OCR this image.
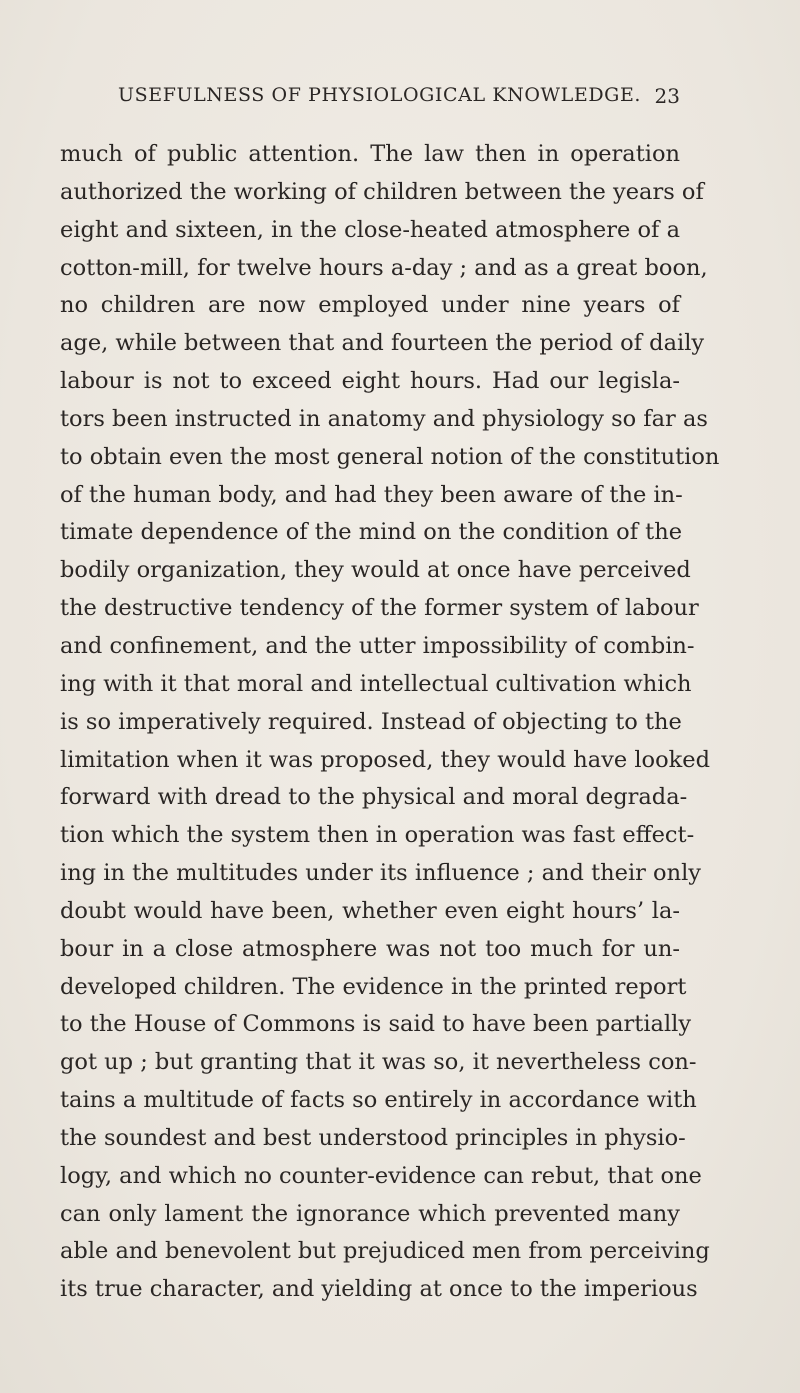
USEFULNESS OF PHYSIOLOGICAL KNOWLEDGE. 23
much of public attention. The law then in operation
authorized the working of children between the years of
eight and sixteen, in the close-heated atmosphere of a
cotton-mill, for twelve hours a-day ; and as a great boon,
no children are now employed under nine years of
age, while between that and fourteen the period of daily
labour is not to exceed eight hours. Had our legisla-
tors been instructed in anatomy and physiology so far as
to obtain even the most general notion of the constitution
of the human body, and had they been aware of the in-
timate dependence of the mind on the condition of the
bodily organization, they would at once have perceived
the destructive tendency of the former system of labour
and confinement, and the utter impossibility of combin-
ing with it that moral and intellectual cultivation which
is so imperatively required. Instead of objecting to the
limitation when it was proposed, they would have looked
forward with dread to the physical and moral degrada-
tion which the system then in operation was fast effect-
ing in the multitudes under its influence ; and their only
doubt would have been, whether even eight hours’ la-
bour in a close atmosphere was not too much for un-
developed children. The evidence in the printed report
to the House of Commons is said to have been partially
got up ; but granting that it was so, it nevertheless con-
tains a multitude of facts so entirely in accordance with
the soundest and best understood principles in physio-
logy, and which no counter-evidence can rebut, that one
can only lament the ignorance which prevented many
able and benevolent but prejudiced men from perceiving
its true character, and yielding at once to the imperious
